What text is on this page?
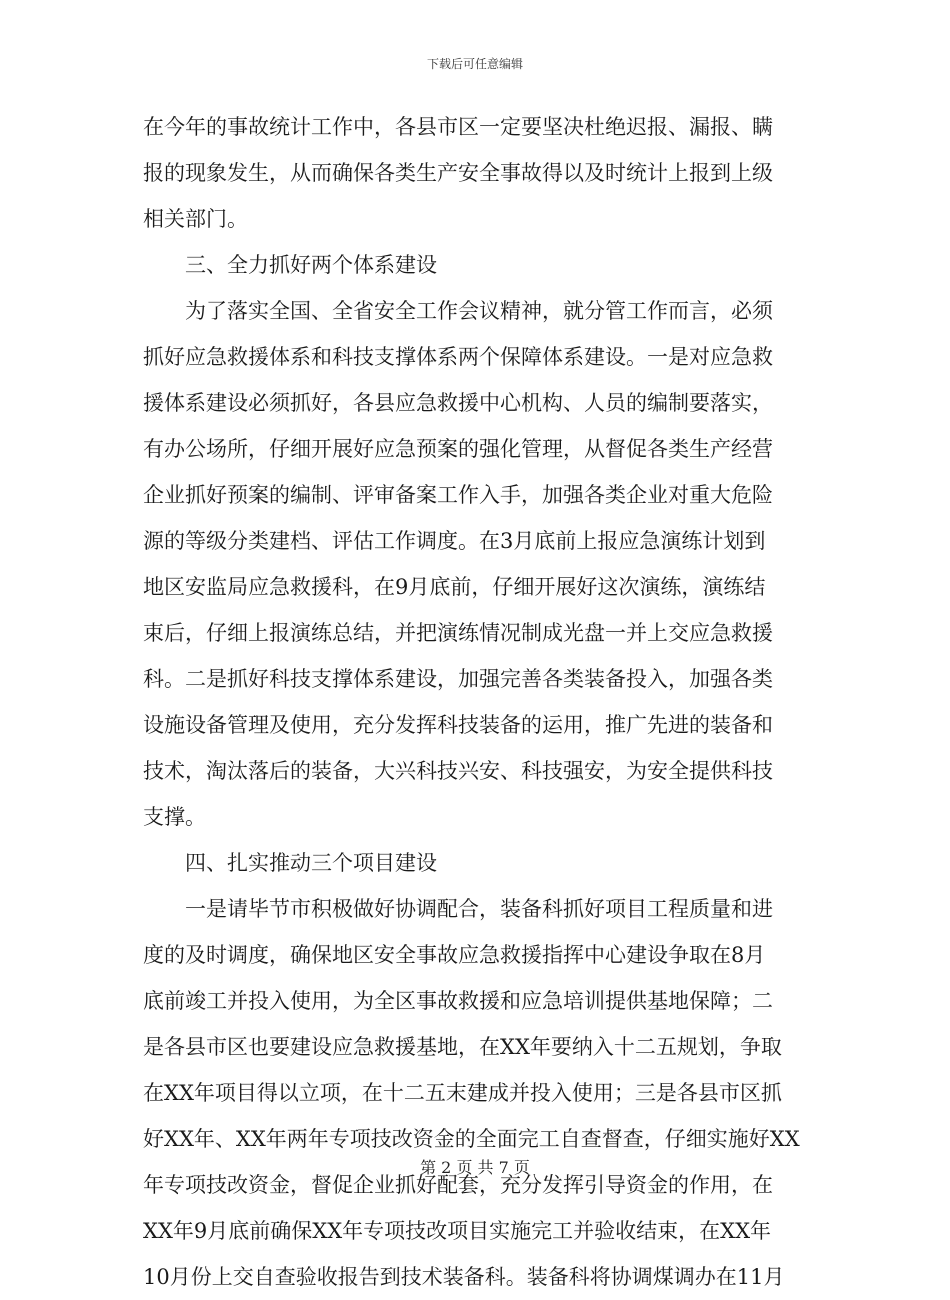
下载后可任意编辑
在今年的事故统计工作中，各县市区一定要坚决杜绝迟报、漏报、瞒
报的现象发生，从而确保各类生产安全事故得以及时统计上报到上级
相关部门。
　　三、全力抓好两个体系建设
　　为了落实全国、全省安全工作会议精神，就分管工作而言，必须
抓好应急救援体系和科技支撑体系两个保障体系建设。一是对应急救
援体系建设必须抓好，各县应急救援中心机构、人员的编制要落实，
有办公场所，仔细开展好应急预案的强化管理，从督促各类生产经营
企业抓好预案的编制、评审备案工作入手，加强各类企业对重大危险
源的等级分类建档、评估工作调度。在3月底前上报应急演练计划到
地区安监局应急救援科，在9月底前，仔细开展好这次演练，演练结
束后，仔细上报演练总结，并把演练情况制成光盘一并上交应急救援
科。二是抓好科技支撑体系建设，加强完善各类装备投入，加强各类
设施设备管理及使用，充分发挥科技装备的运用，推广先进的装备和
技术，淘汰落后的装备，大兴科技兴安、科技强安，为安全提供科技
支撑。
　　四、扎实推动三个项目建设
　　一是请毕节市积极做好协调配合，装备科抓好项目工程质量和进
度的及时调度，确保地区安全事故应急救援指挥中心建设争取在8月
底前竣工并投入使用，为全区事故救援和应急培训提供基地保障；二
是各县市区也要建设应急救援基地，在XX年要纳入十二五规划，争取
在XX年项目得以立项，在十二五末建成并投入使用；三是各县市区抓
好XX年、XX年两年专项技改资金的全面完工自查督查，仔细实施好XX
年专项技改资金，督促企业抓好配套，充分发挥引导资金的作用，在
XX年9月底前确保XX年专项技改项目实施完工并验收结束，在XX年
10月份上交自查验收报告到技术装备科。装备科将协调煤调办在11月
第 2 页 共 7 页
